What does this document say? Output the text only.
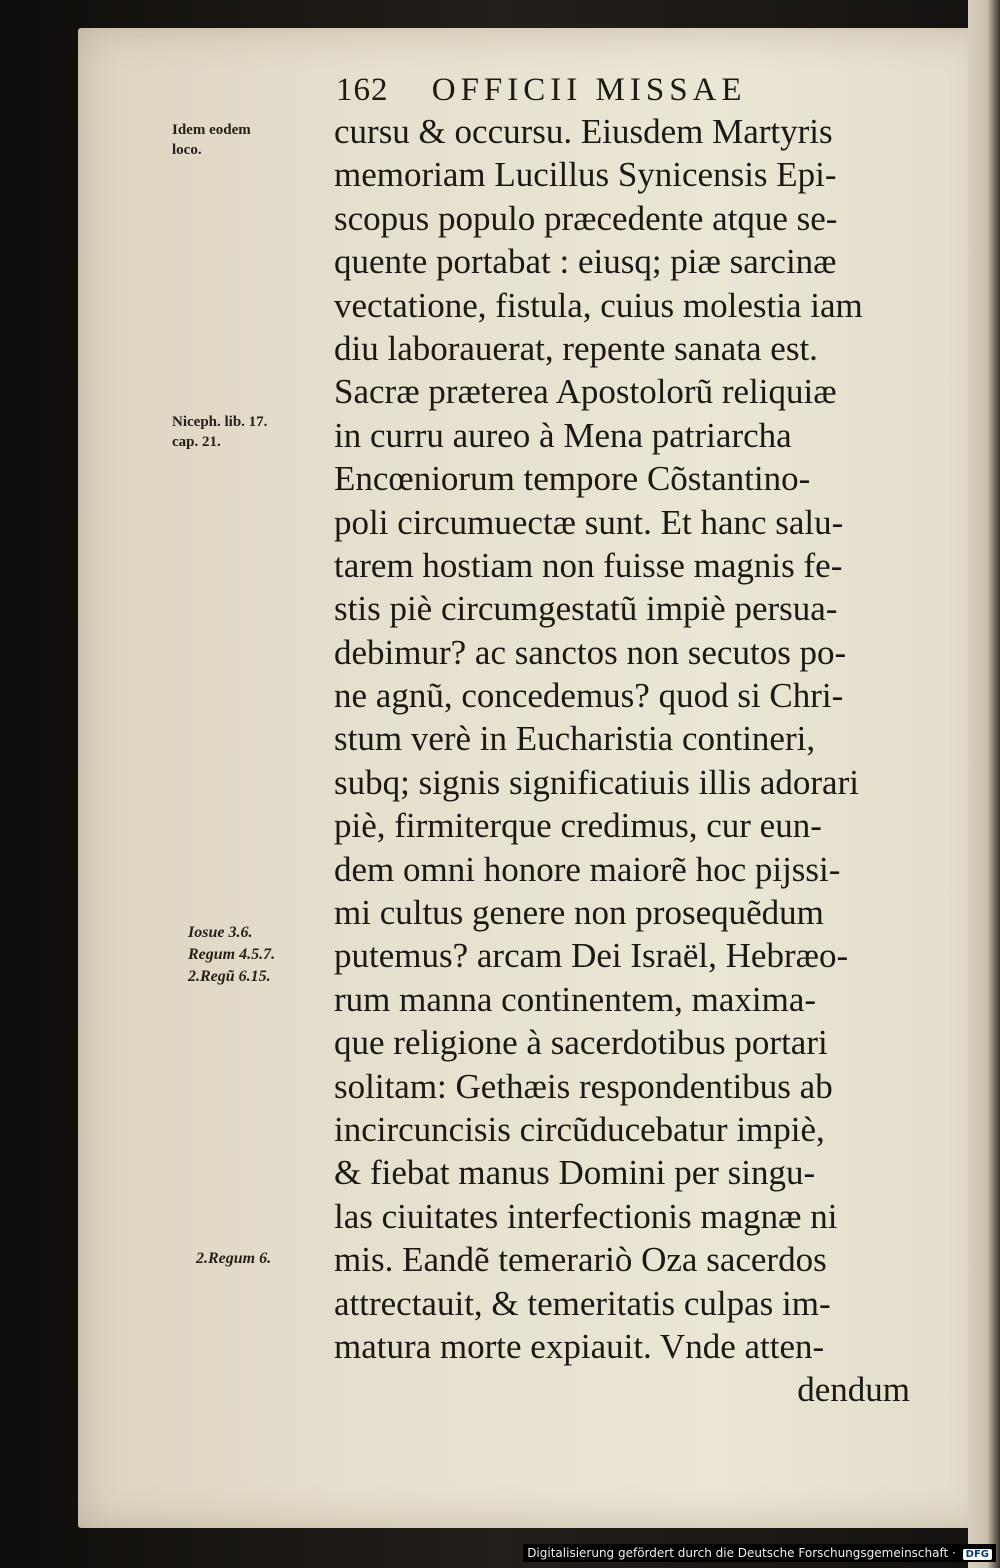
162 OFFICII MISSAE
cursu & occursu. Eiusdem Martyris
memoriam Lucillus Synicensis Epi-
scopus populo præcedente atque se-
quente portabat : eiusq; piæ sarcinæ
vectatione, fistula, cuius molestia iam
diu laborauerat, repente sanata est.
Sacræ præterea Apostolorũ reliquiæ
in curru aureo à Mena patriarcha
Encœniorum tempore Cõstantino-
poli circumuectæ sunt. Et hanc salu-
tarem hostiam non fuisse magnis fe-
stis piè circumgestatũ impiè persua-
debimur? ac sanctos non secutos po-
ne agnũ, concedemus? quod si Chri-
stum verè in Eucharistia contineri,
subq; signis significatiuis illis adorari
piè, firmiterque credimus, cur eun-
dem omni honore maiorẽ hoc pijssi-
mi cultus genere non prosequẽdum
putemus? arcam Dei Israël, Hebræo-
rum manna continentem, maxima-
que religione à sacerdotibus portari
solitam: Gethæis respondentibus ab
incircuncisis circũducebatur impiè,
& fiebat manus Domini per singu-
las ciuitates interfectionis magnæ ni
mis. Eandẽ temerariò Oza sacerdos
attrectauit, & temeritatis culpas im-
matura morte expiauit. Vnde atten-
dendum
Idem eodem
loco.
Niceph. lib. 17.
cap. 21.
Iosue 3.6.
Regum 4.5.7.
2.Regũ 6.15.
2.Regum 6.
Digitalisierung gefördert durch die Deutsche Forschungsgemeinschaft · DFG
